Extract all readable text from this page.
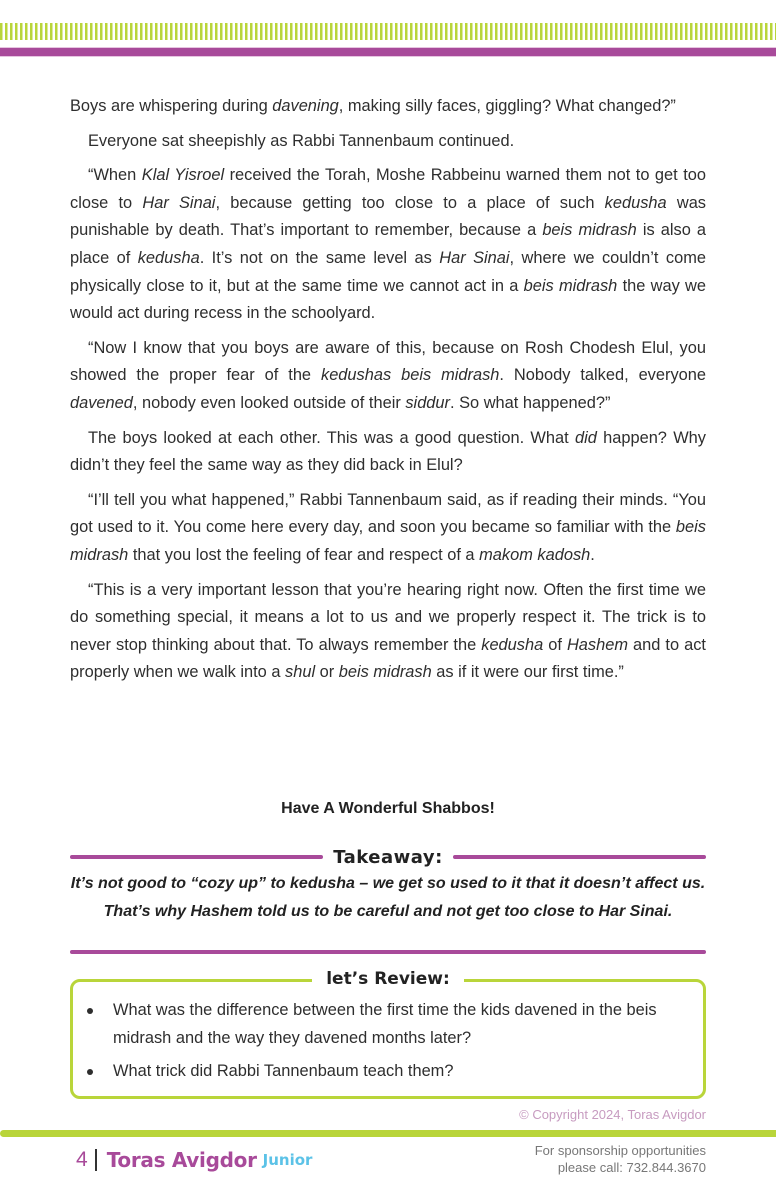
Boys are whispering during davening, making silly faces, giggling? What changed?”

Everyone sat sheepishly as Rabbi Tannenbaum continued.

“When Klal Yisroel received the Torah, Moshe Rabbeinu warned them not to get too close to Har Sinai, because getting too close to a place of such kedusha was punishable by death. That’s important to remember, because a beis midrash is also a place of kedusha. It’s not on the same level as Har Sinai, where we couldn’t come physically close to it, but at the same time we cannot act in a beis midrash the way we would act during recess in the schoolyard.

“Now I know that you boys are aware of this, because on Rosh Chodesh Elul, you showed the proper fear of the kedushas beis midrash. Nobody talked, everyone davened, nobody even looked outside of their siddur. So what happened?”

The boys looked at each other. This was a good question. What did happen? Why didn’t they feel the same way as they did back in Elul?

“I’ll tell you what happened,” Rabbi Tannenbaum said, as if reading their minds. “You got used to it. You come here every day, and soon you became so familiar with the beis midrash that you lost the feeling of fear and respect of a makom kadosh.

“This is a very important lesson that you’re hearing right now. Often the first time we do something special, it means a lot to us and we properly respect it. The trick is to never stop thinking about that. To always remember the kedusha of Hashem and to act properly when we walk into a shul or beis midrash as if it were our first time.”

Have A Wonderful Shabbos!
Takeaway:
It’s not good to “cozy up” to kedusha – we get so used to it that it doesn’t affect us. That’s why Hashem told us to be careful and not get too close to Har Sinai.
let’s Review:
What was the difference between the first time the kids davened in the beis midrash and the way they davened months later?
What trick did Rabbi Tannenbaum teach them?
© Copyright 2024, Toras Avigdor
4 Toras Avigdor Junior
For sponsorship opportunities
please call: 732.844.3670
